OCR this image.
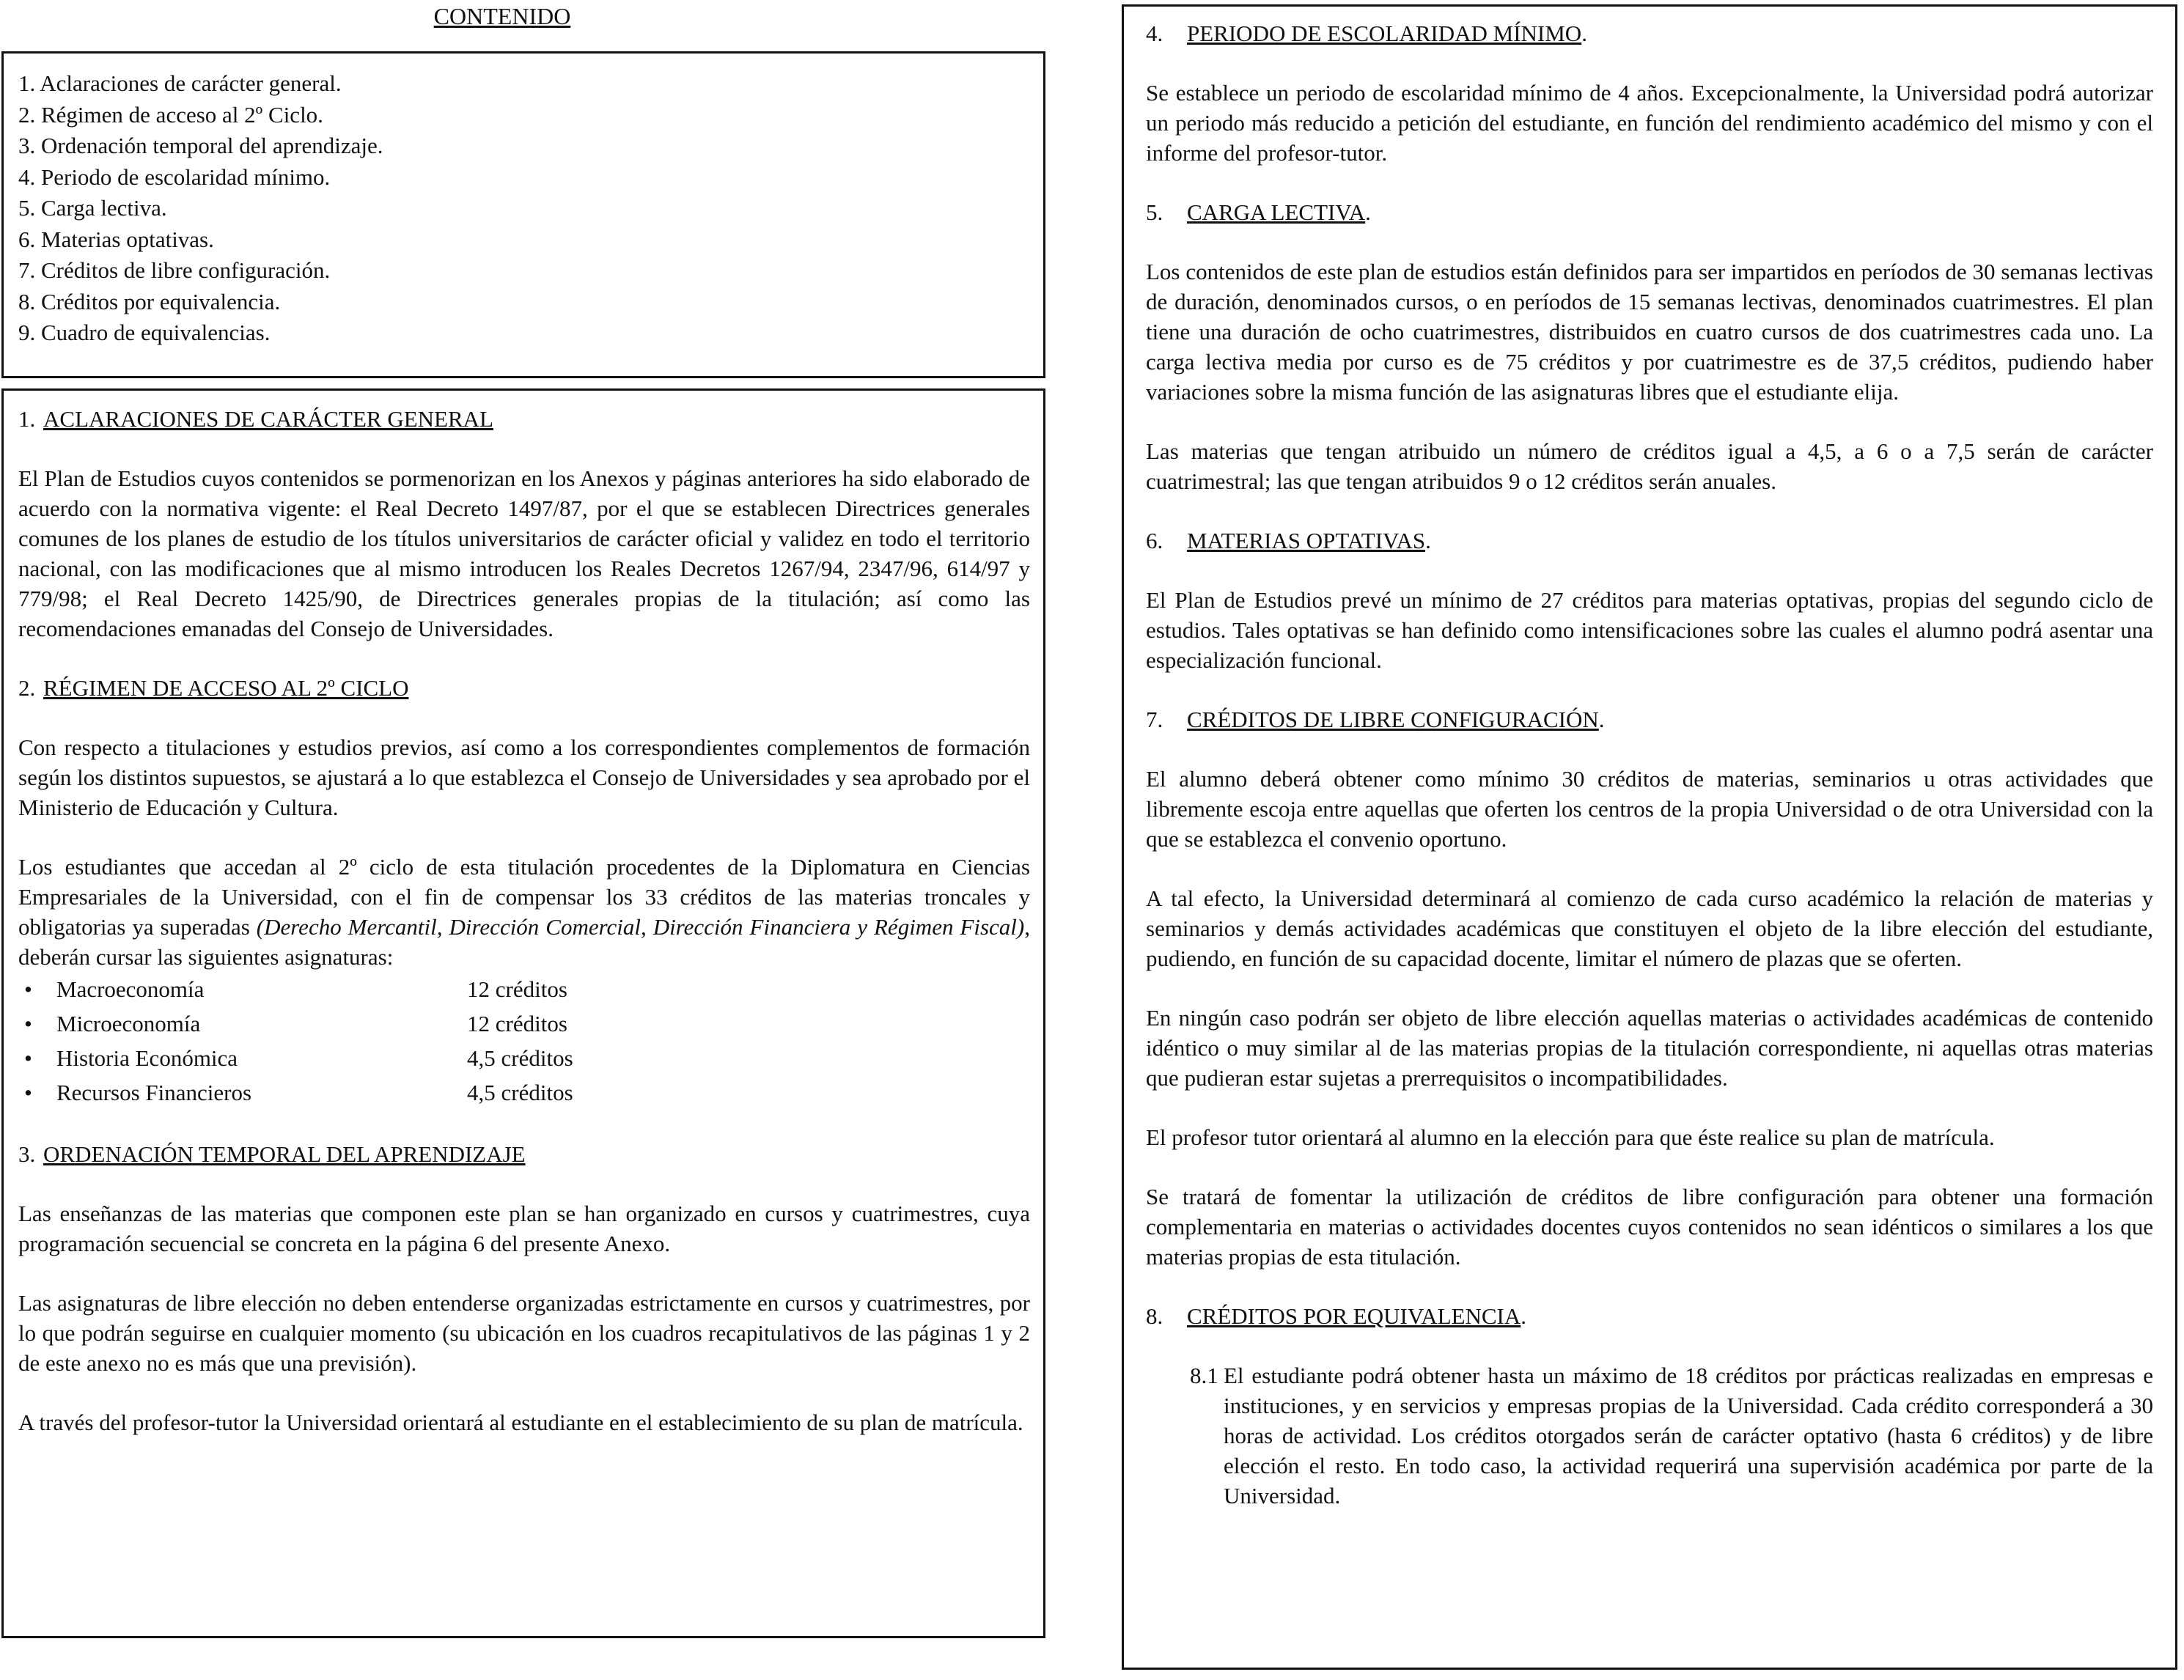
CONTENIDO
1. Aclaraciones de carácter general.
2. Régimen de acceso al 2º Ciclo.
3. Ordenación temporal del aprendizaje.
4. Periodo de escolaridad mínimo.
5. Carga lectiva.
6. Materias optativas.
7. Créditos de libre configuración.
8. Créditos por equivalencia.
9. Cuadro de equivalencias.
1. ACLARACIONES DE CARÁCTER GENERAL

El Plan de Estudios cuyos contenidos se pormenorizan en los Anexos y páginas anteriores ha sido elaborado de acuerdo con la normativa vigente: el Real Decreto 1497/87, por el que se establecen Directrices generales comunes de los planes de estudio de los títulos universitarios de carácter oficial y validez en todo el territorio nacional, con las modificaciones que al mismo introducen los Reales Decretos 1267/94, 2347/96, 614/97 y 779/98; el Real Decreto 1425/90, de Directrices generales propias de la titulación; así como las recomendaciones emanadas del Consejo de Universidades.

2. RÉGIMEN DE ACCESO AL 2º CICLO

Con respecto a titulaciones y estudios previos, así como a los correspondientes complementos de formación según los distintos supuestos, se ajustará a lo que establezca el Consejo de Universidades y sea aprobado por el Ministerio de Educación y Cultura.

Los estudiantes que accedan al 2º ciclo de esta titulación procedentes de la Diplomatura en Ciencias Empresariales de la Universidad, con el fin de compensar los 33 créditos de las materias troncales y obligatorias ya superadas (Derecho Mercantil, Dirección Comercial, Dirección Financiera y Régimen Fiscal), deberán cursar las siguientes asignaturas:

•	Macroeconomía	12 créditos
•	Microeconomía	12 créditos
•	Historia Económica	4,5 créditos
•	Recursos Financieros	4,5 créditos
3. ORDENACIÓN TEMPORAL DEL APRENDIZAJE

Las enseñanzas de las materias que componen este plan se han organizado en cursos y cuatrimestres, cuya programación secuencial se concreta en la página 6 del presente Anexo.

Las asignaturas de libre elección no deben entenderse organizadas estrictamente en cursos y cuatrimestres, por lo que podrán seguirse en cualquier momento (su ubicación en los cuadros recapitulativos de las páginas 1 y 2 de este anexo no es más que una previsión).

A través del profesor-tutor la Universidad orientará al estudiante en el establecimiento de su plan de matrícula.

4. PERIODO DE ESCOLARIDAD MÍNIMO.

Se establece un periodo de escolaridad mínimo de 4 años. Excepcionalmente, la Universidad podrá autorizar un periodo más reducido a petición del estudiante, en función del rendimiento académico del mismo y con el informe del profesor-tutor.

5. CARGA LECTIVA.

Los contenidos de este plan de estudios están definidos para ser impartidos en períodos de 30 semanas lectivas de duración, denominados cursos, o en períodos de 15 semanas lectivas, denominados cuatrimestres. El plan tiene una duración de ocho cuatrimestres, distribuidos en cuatro cursos de dos cuatrimestres cada uno. La carga lectiva media por curso es de 75 créditos y por cuatrimestre es de 37,5 créditos, pudiendo haber variaciones sobre la misma función de las asignaturas libres que el estudiante elija.

Las materias que tengan atribuido un número de créditos igual a 4,5, a 6 o a 7,5 serán de carácter cuatrimestral; las que tengan atribuidos 9 o 12 créditos serán anuales.

6. MATERIAS OPTATIVAS.

El Plan de Estudios prevé un mínimo de 27 créditos para materias optativas, propias del segundo ciclo de estudios. Tales optativas se han definido como intensificaciones sobre las cuales el alumno podrá asentar una especialización funcional.

7. CRÉDITOS DE LIBRE CONFIGURACIÓN.

El alumno deberá obtener como mínimo 30 créditos de materias, seminarios u otras actividades que libremente escoja entre aquellas que oferten los centros de la propia Universidad o de otra Universidad con la que se establezca el convenio oportuno.

A tal efecto, la Universidad determinará al comienzo de cada curso académico la relación de materias y seminarios y demás actividades académicas que constituyen el objeto de la libre elección del estudiante, pudiendo, en función de su capacidad docente, limitar el número de plazas que se oferten.

En ningún caso podrán ser objeto de libre elección aquellas materias o actividades académicas de contenido idéntico o muy similar al de las materias propias de la titulación correspondiente, ni aquellas otras materias que pudieran estar sujetas a prerrequisitos o incompatibilidades.

El profesor tutor orientará al alumno en la elección para que éste realice su plan de matrícula.

Se tratará de fomentar la utilización de créditos de libre configuración para obtener una formación complementaria en materias o actividades docentes cuyos contenidos no sean idénticos o similares a los que materias propias de esta titulación.

8. CRÉDITOS POR EQUIVALENCIA.
8.1 El estudiante podrá obtener hasta un máximo de 18 créditos por prácticas realizadas en empresas e instituciones, y en servicios y empresas propias de la Universidad. Cada crédito corresponderá a 30 horas de actividad. Los créditos otorgados serán de carácter optativo (hasta 6 créditos) y de libre elección el resto. En todo caso, la actividad requerirá una supervisión académica por parte de la Universidad.
